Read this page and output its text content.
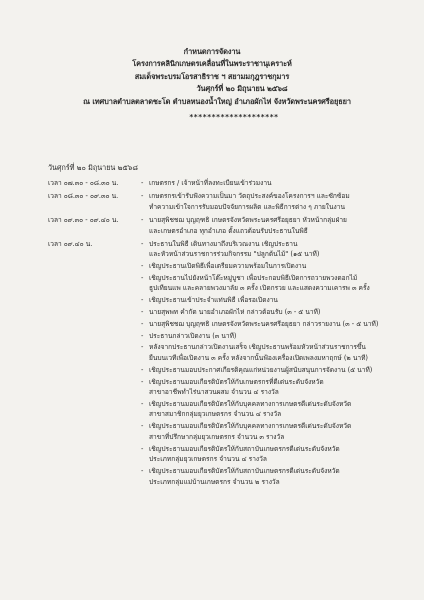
กำหนดการจัดงาน
โครงการคลินิกเกษตรเคลื่อนที่ในพระราชานุเคราะห์
สมเด็จพระบรมโอรสาธิราช ฯ สยามมกุฎราชกุมาร
วันศุกร์ที่ ๒๐ มิถุนายน ๒๕๖๘
ณ เทศบาลตำบลตลาดชะโด ตำบลหนองน้ำใหญ่ อำเภอผักไห่ จังหวัดพระนครศรีอยุธยา
********************
วันศุกร์ที่ ๒๐ มิถุนายน ๒๕๖๘
เวลา ๐๗.๓๐ - ๐๘.๓๐ น.	- เกษตรกร / เจ้าหน้าที่ลงทะเบียนเข้าร่วมงาน
เวลา ๐๘.๓๐ - ๐๙.๓๐ น.	- เกษตรกรเข้ารับฟังความเป็นมา วัตถุประสงค์ของโครงการฯ และซักซ้อม
ทำความเข้าใจการรับมอบปัจจัยการผลิต และพิธีการต่าง ๆ ภายในงาน
เวลา ๐๙.๓๐ - ๐๙.๔๐ น.	- นายสุพิชชฌ บุญฤฑธิ เกษตรจังหวัดพระนครศรีอยุธยา หัวหน้ากลุ่มฝ่าย
และเกษตรอำเภอ ทุกอำเภอ ตั้งแถวต้อนรับประธานในพิธี
เวลา ๐๙.๔๐ น.	- ประธานในพิธี เดินทางมาถึงบริเวณงาน เชิญประธาน
และหัวหน้าส่วนราชการร่วมกิจกรรม "ปลูกต้นไม้" (๑๕ นาที)
- เชิญประธานเปิดพิธีเพื่อเตรียมความพร้อมในการเปิดงาน
- เชิญประธานไปยังหน้าโต๊ะหมู่บูชา เพื่อประกอบพิธีเปิดการถวายพวงดอกไม้
ธูปเทียนแพ และคลายพวงมาลัย ๓ ครั้ง เปิดกรวย และแสดงความเคารพ ๓ ครั้ง
- เชิญประธานเข้าประจำแท่นพิธี เพื่อรอเปิดงาน
- นายสุพพท คำกัด นายอำเภอผักไห่ กล่าวต้อนรับ (๓ - ๕ นาที)
- นายสุพิชชฌ บุญฤฑธิ เกษตรจังหวัดพระนครศรีอยุธยา กล่าวรายงาน (๓ - ๕ นาที)
- ประธานกล่าวเปิดงาน (๓ นาที)
- หลังจากประธานกล่าวเปิดงานเสร็จ เชิญประธานพร้อมหัวหน้าส่วนราชการขึ้น
ยืนบนเวทีเพื่อเปิดงาน ๓ ครั้ง หลังจากนั้นฟ้องเครื่องเปิดเพลงมหาฤกษ์ (๒ นาที)
- เชิญประธานมอบประกาศเกียรติคุณแก่หน่วยงานผู้สนับสนุนการจัดงาน (๕ นาที)
- เชิญประธานมอบเกียรติบัตรให้กับเกษตรกรที่ดีเด่นระดับจังหวัด
สาขาอาชีพทำไร่นาสวนผสม จำนวน ๔ รางวัล
- เชิญประธานมอบเกียรติบัตรให้กับบุคคลทางการเกษตรดีเด่นระดับจังหวัด
สาขาสมาชิกกลุ่มยุวเกษตรกร จำนวน ๔ รางวัล
- เชิญประธานมอบเกียรติบัตรให้กับบุคคลทางการเกษตรดีเด่นระดับจังหวัด
สาขาที่ปรึกษากลุ่มยุวเกษตรกร จำนวน ๓ รางวัล
- เชิญประธานมอบเกียรติบัตรให้กับสถาบันเกษตรกรดีเด่นระดับจังหวัด
ประเภทกลุ่มยุวเกษตรกร จำนวน ๔ รางวัล
- เชิญประธานมอบเกียรติบัตรให้กับสถาบันเกษตรกรดีเด่นระดับจังหวัด
ประเภทกลุ่มแม่บ้านเกษตรกร จำนวน ๒ รางวัล
